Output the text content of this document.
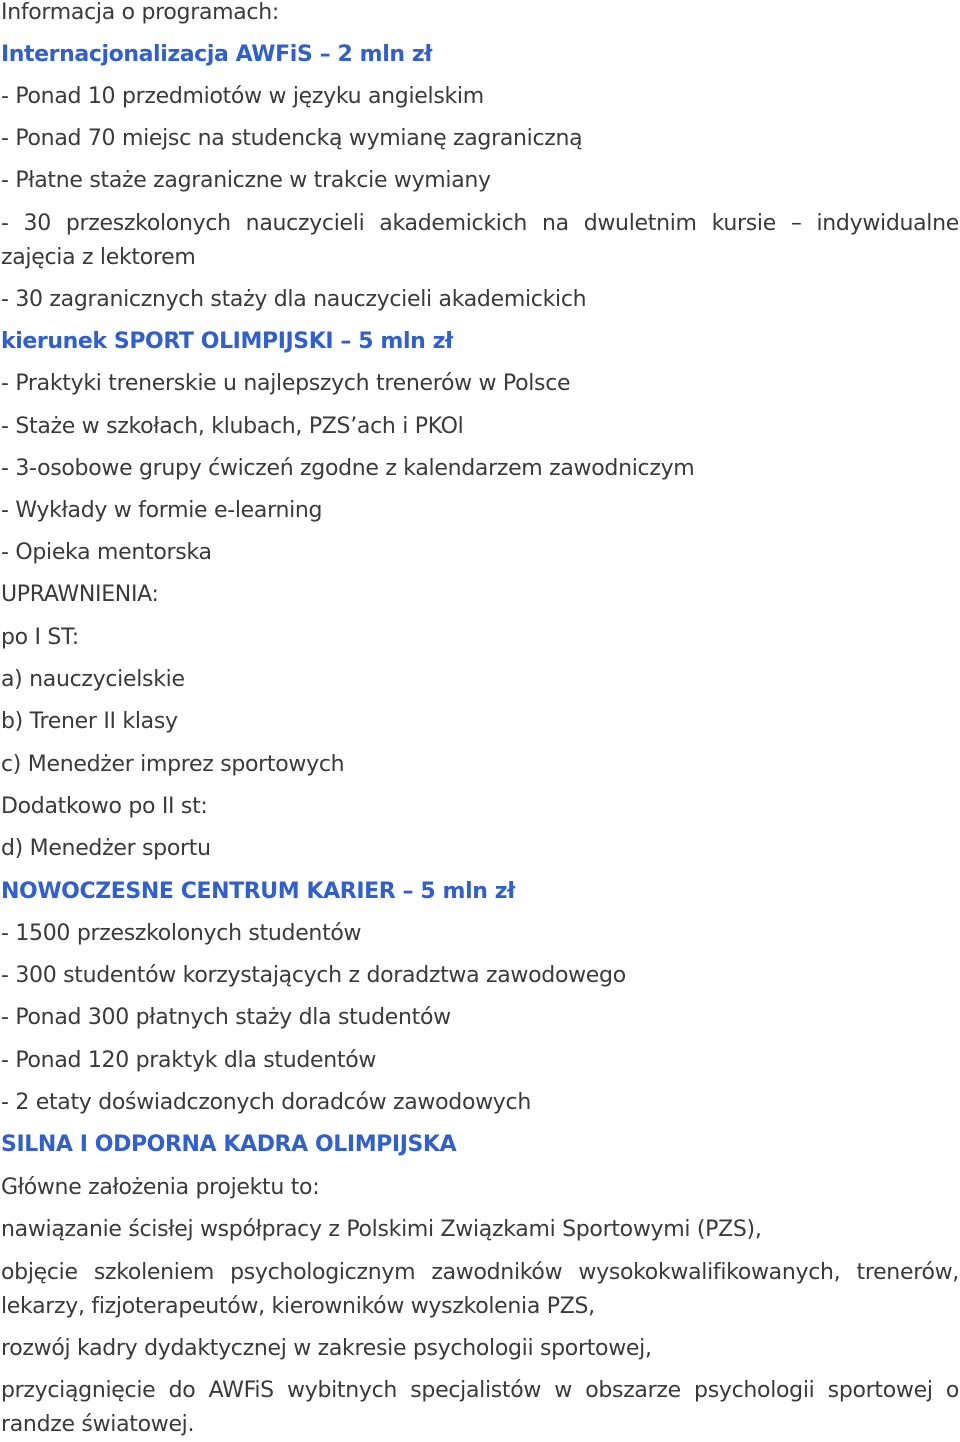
Informacja o programach:
Internacjonalizacja AWFiS – 2 mln zł
- Ponad 10 przedmiotów w języku angielskim
- Ponad 70 miejsc na studencką wymianę zagraniczną
- Płatne staże zagraniczne w trakcie wymiany
- 30 przeszkolonych nauczycieli akademickich na dwuletnim kursie – indywidualne zajęcia z lektorem
- 30 zagranicznych staży dla nauczycieli akademickich
kierunek SPORT OLIMPIJSKI – 5 mln zł
- Praktyki trenerskie u najlepszych trenerów w Polsce
- Staże w szkołach, klubach, PZS’ach i PKOl
- 3-osobowe grupy ćwiczeń zgodne z kalendarzem zawodniczym
- Wykłady w formie e-learning
- Opieka mentorska
UPRAWNIENIA:
po I ST:
a) nauczycielskie
b) Trener II klasy
c) Menedżer imprez sportowych
Dodatkowo po II st:
d) Menedżer sportu
NOWOCZESNE CENTRUM KARIER – 5 mln zł
- 1500 przeszkolonych studentów
- 300 studentów korzystających z doradztwa zawodowego
- Ponad 300 płatnych staży dla studentów
- Ponad 120 praktyk dla studentów
- 2 etaty doświadczonych doradców zawodowych
SILNA I ODPORNA KADRA OLIMPIJSKA
Główne założenia projektu to:
nawiązanie ścisłej współpracy z Polskimi Związkami Sportowymi (PZS),
objęcie szkoleniem psychologicznym zawodników wysokokwalifikowanych, trenerów, lekarzy, fizjoterapeutów, kierowników wyszkolenia PZS,
rozwój kadry dydaktycznej w zakresie psychologii sportowej,
przyciągnięcie do AWFiS wybitnych specjalistów w obszarze psychologii sportowej o randze światowej.
